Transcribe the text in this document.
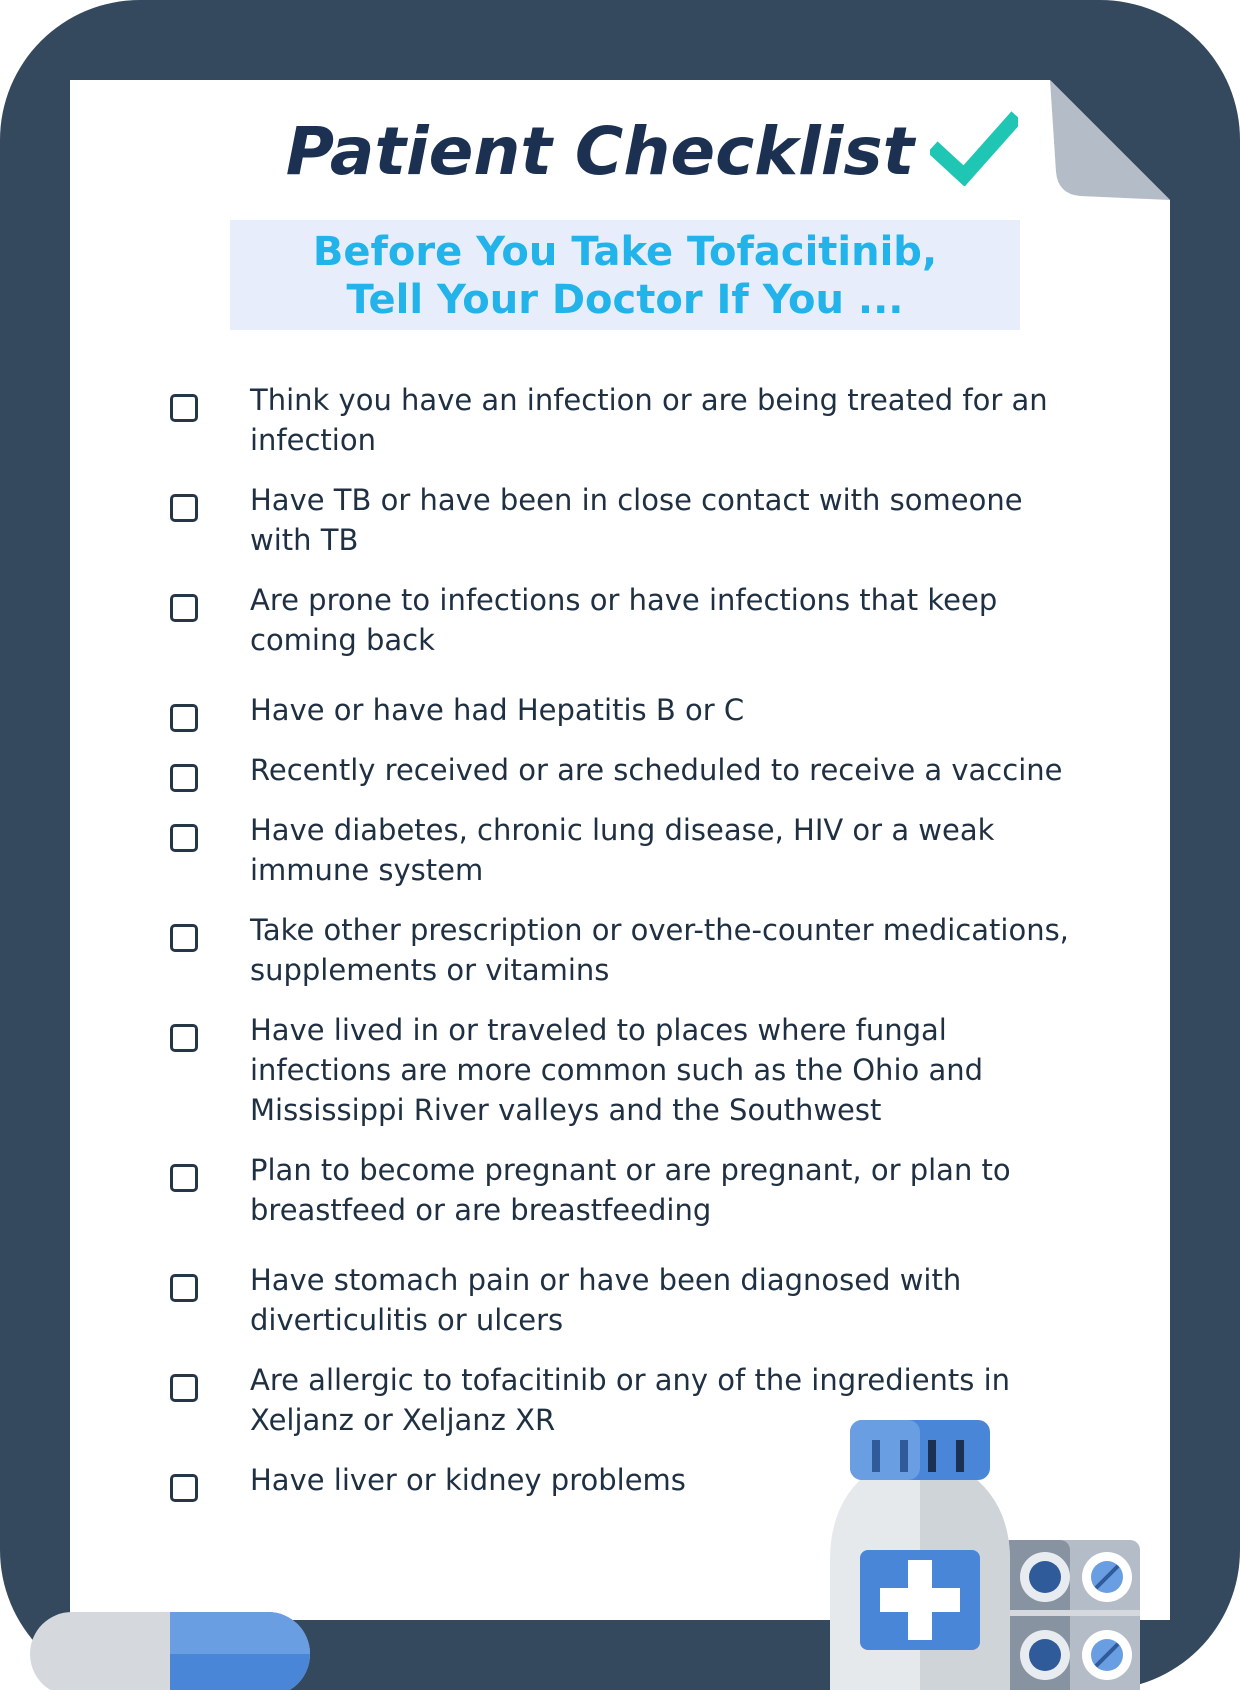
Patient Checklist
Before You Take Tofacitinib,
Tell Your Doctor If You ...
Think you have an infection or are being treated for an infection
Have TB or have been in close contact with someone with TB
Are prone to infections or have infections that keep coming back
Have or have had Hepatitis B or C
Recently received or are scheduled to receive a vaccine
Have diabetes, chronic lung disease, HIV or a weak immune system
Take other prescription or over-the-counter medications, supplements or vitamins
Have lived in or traveled to places where fungal infections are more common such as the Ohio and Mississippi River valleys and the Southwest
Plan to become pregnant or are pregnant, or plan to breastfeed or are breastfeeding
Have stomach pain or have been diagnosed with diverticulitis or ulcers
Are allergic to tofacitinib or any of the ingredients in Xeljanz or Xeljanz XR
Have liver or kidney problems
